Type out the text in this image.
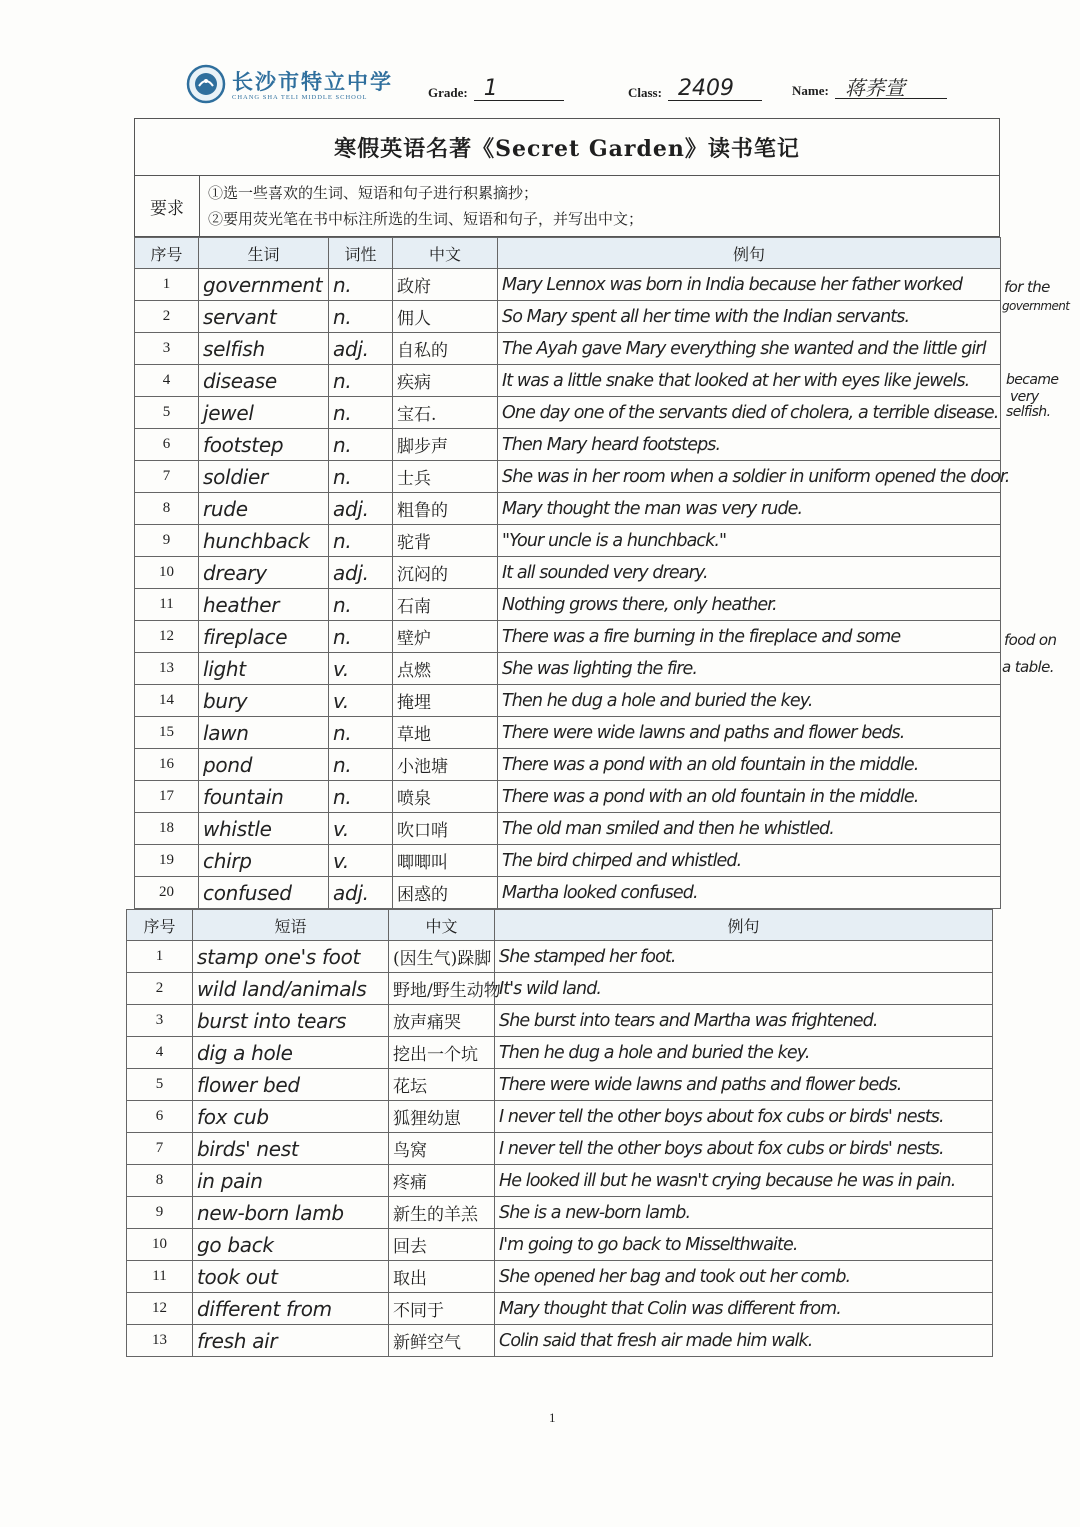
长沙市特立中学
CHANG SHA TELI MIDDLE SCHOOL	Grade: 1	Class: 2409	Name: 蒋荞萱
寒假英语名著《Secret Garden》读书笔记
要求
①选一些喜欢的生词、短语和句子进行积累摘抄；
②要用荧光笔在书中标注所选的生词、短语和句子，并写出中文；
序号	生词	词性	中文	例句
1	government	n.	政府	Mary Lennox was born in India because her father worked
2	servant	n.	佣人	So Mary spent all her time with the Indian servants.
3	selfish	adj.	自私的	The Ayah gave Mary everything she wanted and the little girl
4	disease	n.	疾病	It was a little snake that looked at her with eyes like jewels.
5	jewel	n.	宝石.	One day one of the servants died of cholera, a terrible disease.
6	footstep	n.	脚步声	Then Mary heard footsteps.
7	soldier	n.	士兵	She was in her room when a soldier in uniform opened the door.
8	rude	adj.	粗鲁的	Mary thought the man was very rude.
9	hunchback	n.	驼背	"Your uncle is a hunchback."
10	dreary	adj.	沉闷的	It all sounded very dreary.
11	heather	n.	石南	Nothing grows there, only heather.
12	fireplace	n.	壁炉	There was a fire burning in the fireplace and some
13	light	v.	点燃	She was lighting the fire.
14	bury	v.	掩埋	Then he dug a hole and buried the key.
15	lawn	n.	草地	There were wide lawns and paths and flower beds.
16	pond	n.	小池塘	There was a pond with an old fountain in the middle.
17	fountain	n.	喷泉	There was a pond with an old fountain in the middle.
18	whistle	v.	吹口哨	The old man smiled and then he whistled.
19	chirp	v.	唧唧叫	The bird chirped and whistled.
20	confused	adj.	困惑的	Martha looked confused.
序号	短语	中文	例句
1	stamp one's foot	(因生气)跺脚	She stamped her foot.
2	wild land/animals	野地/野生动物	It's wild land.
3	burst into tears	放声痛哭	She burst into tears and Martha was frightened.
4	dig a hole	挖出一个坑	Then he dug a hole and buried the key.
5	flower bed	花坛	There were wide lawns and paths and flower beds.
6	fox cub	狐狸幼崽	I never tell the other boys about fox cubs or birds' nests.
7	birds' nest	鸟窝	I never tell the other boys about fox cubs or birds' nests.
8	in pain	疼痛	He looked ill but he wasn't crying because he was in pain.
9	new-born lamb	新生的羊羔	She is a new-born lamb.
10	go back	回去	I'm going to go back to Misselthwaite.
11	took out	取出	She opened her bag and took out her comb.
12	different from	不同于	Mary thought that Colin was different from.
13	fresh air	新鲜空气	Colin said that fresh air made him walk.
for the
government
became
very
selfish.
food on
a table.
1
